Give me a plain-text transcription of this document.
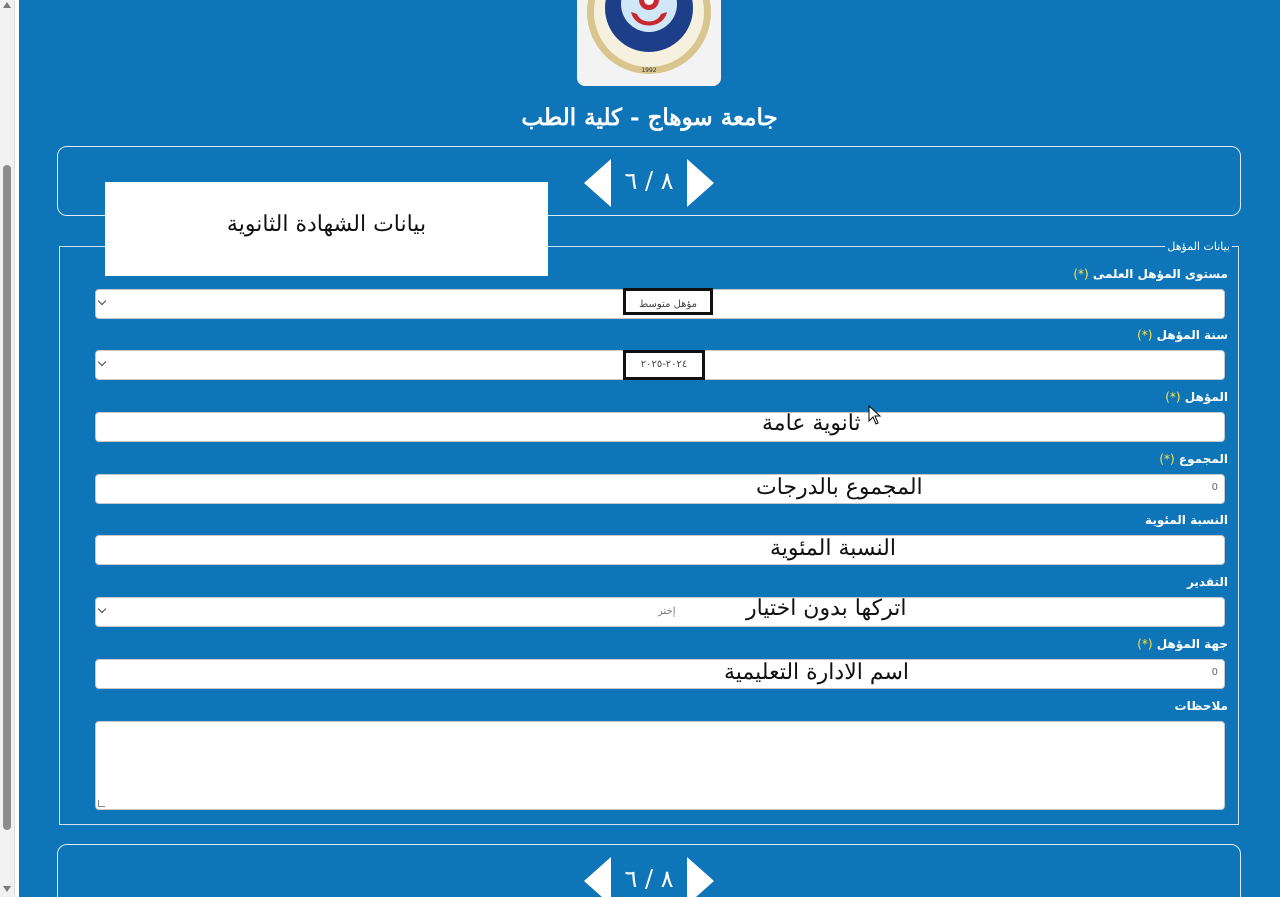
1992
جامعة سوهاج - كلية الطب
٨ / ٦
بيانات الشهادة الثانوية
بيانات المؤهل
مستوى المؤهل العلمى (*)
مؤهل متوسط
سنة المؤهل (*)
٢٠٢٤-٢٠٢٥
المؤهل (*)
ثانوية عامة
المجموع (*)
0
المجموع بالدرجات
النسبة المئوية
النسبة المئوية
التقدير
إختر	اتركها بدون اختيار
جهة المؤهل (*)
0
اسم الادارة التعليمية
ملاحظات
٨ / ٦
